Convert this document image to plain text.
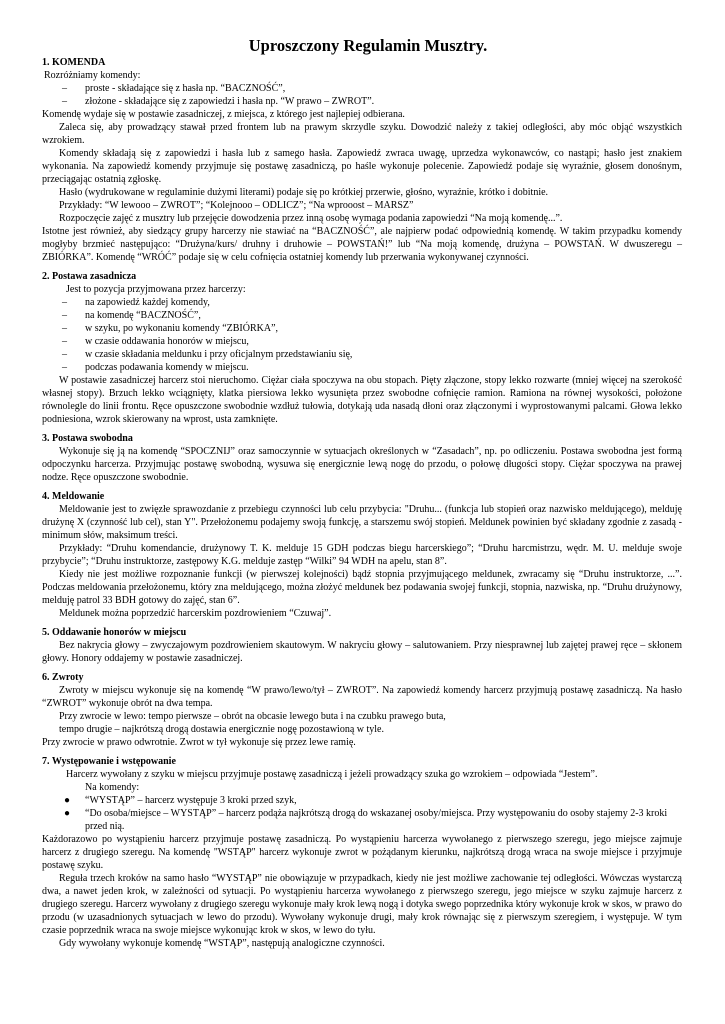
Uproszczony Regulamin Musztry.

1. KOMENDA

Rozróżniamy komendy:

– proste - składające się z hasła np. “BACZNOŚĆ”,
– złożone - składające się z zapowiedzi i hasła np. “W prawo – ZWROT”.

Komendę wydaje się w postawie zasadniczej, z miejsca, z którego jest najlepiej odbierana.

Zaleca się, aby prowadzący stawał przed frontem lub na prawym skrzydle szyku. Dowodzić należy z takiej odległości, aby móc objąć wszystkich wzrokiem.

Komendy składają się z zapowiedzi i hasła lub z samego hasła. Zapowiedź zwraca uwagę, uprzedza wykonawców, co nastąpi; hasło jest znakiem wykonania. Na zapowiedź komendy przyjmuje się postawę zasadniczą, po haśle wykonuje polecenie. Zapowiedź podaje się wyraźnie, głosem donośnym, przeciągając ostatnią zgłoskę.

Hasło (wydrukowane w regulaminie dużymi literami) podaje się po krótkiej przerwie, głośno, wyraźnie, krótko i dobitnie.

Przykłady: “W lewooo – ZWROT”; “Kolejnooo – ODLICZ”; “Na wprooost – MARSZ”

Rozpoczęcie zajęć z musztry lub przejęcie dowodzenia przez inną osobę wymaga podania zapowiedzi “Na moją komendę...”.

Istotne jest również, aby siedzący grupy harcerzy nie stawiać na “BACZNOŚĆ”, ale najpierw podać odpowiednią komendę. W takim przypadku komendy mogłyby brzmieć następująco: “Drużyna/kurs/ druhny i druhowie – POWSTAŃ!” lub “Na moją komendę, drużyna – POWSTAŃ. W dwuszeregu – ZBIÓRKA”. Komendę “WRÓĆ” podaje się w celu cofnięcia ostatniej komendy lub przerwania wykonywanej czynności.

2. Postawa zasadnicza

Jest to pozycja przyjmowana przez harcerzy:

– na zapowiedź każdej komendy,
– na komendę “BACZNOŚĆ”,
– w szyku, po wykonaniu komendy “ZBIÓRKA”,
– w czasie oddawania honorów w miejscu,
– w czasie składania meldunku i przy oficjalnym przedstawianiu się,
– podczas podawania komendy w miejscu.

W postawie zasadniczej harcerz stoi nieruchomo. Ciężar ciała spoczywa na obu stopach. Pięty złączone, stopy lekko rozwarte (mniej więcej na szerokość własnej stopy). Brzuch lekko wciągnięty, klatka piersiowa lekko wysunięta przez swobodne cofnięcie ramion. Ramiona na równej wysokości, położone równolegle do linii frontu. Ręce opuszczone swobodnie wzdłuż tułowia, dotykają uda nasadą dłoni oraz złączonymi i wyprostowanymi palcami. Głowa lekko podniesiona, wzrok skierowany na wprost, usta zamknięte.

3. Postawa swobodna

Wykonuje się ją na komendę “SPOCZNIJ” oraz samoczynnie w sytuacjach określonych w “Zasadach”, np. po odliczeniu. Postawa swobodna jest formą odpoczynku harcerza. Przyjmując postawę swobodną, wysuwa się energicznie lewą nogę do przodu, o połowę długości stopy. Ciężar spoczywa na prawej nodze. Ręce opuszczone swobodnie.

4. Meldowanie

Meldowanie jest to zwięzłe sprawozdanie z przebiegu czynności lub celu przybycia: "Druhu... (funkcja lub stopień oraz nazwisko meldującego), melduję drużynę X (czynność lub cel), stan Y". Przełożonemu podajemy swoją funkcję, a starszemu swój stopień. Meldunek powinien być składany zgodnie z zasadą - minimum słów, maksimum treści.

Przykłady: “Druhu komendancie, drużynowy T. K. melduje 15 GDH podczas biegu harcerskiego”; “Druhu harcmistrzu, wędr. M. U. melduje swoje przybycie”; “Druhu instruktorze, zastępowy K.G. melduje zastęp “Wilki” 94 WDH na apelu, stan 8”.

Kiedy nie jest możliwe rozpoznanie funkcji (w pierwszej kolejności) bądź stopnia przyjmującego meldunek, zwracamy się “Druhu instruktorze, ...”. Podczas meldowania przełożonemu, który zna meldującego, można złożyć meldunek bez podawania swojej funkcji, stopnia, nazwiska, np. “Druhu drużynowy, melduję patrol 33 BDH gotowy do zajęć, stan 6”.

Meldunek można poprzedzić harcerskim pozdrowieniem “Czuwaj”.

5. Oddawanie honorów w miejscu

Bez nakrycia głowy – zwyczajowym pozdrowieniem skautowym. W nakryciu głowy – salutowaniem. Przy niesprawnej lub zajętej prawej ręce – skłonem głowy. Honory oddajemy w postawie zasadniczej.

6. Zwroty

Zwroty w miejscu wykonuje się na komendę “W prawo/lewo/tył – ZWROT”. Na zapowiedź komendy harcerz przyjmują postawę zasadniczą. Na hasło “ZWROT” wykonuje obrót na dwa tempa.

Przy zwrocie w lewo: tempo pierwsze – obrót na obcasie lewego buta i na czubku prawego buta,

tempo drugie – najkrótszą drogą dostawia energicznie nogę pozostawioną w tyle.

Przy zwrocie w prawo odwrotnie. Zwrot w tył wykonuje się przez lewe ramię.

7. Występowanie i wstępowanie

Harcerz wywołany z szyku w miejscu przyjmuje postawę zasadniczą i jeżeli prowadzący szuka go wzrokiem – odpowiada “Jestem”.

Na komendy:

● “WYSTĄP” – harcerz występuje 3 kroki przed szyk,
● “Do osoba/miejsce – WYSTĄP” – harcerz podąża najkrótszą drogą do wskazanej osoby/miejsca. Przy występowaniu do osoby stajemy 2-3 kroki przed nią.

Każdorazowo po wystąpieniu harcerz przyjmuje postawę zasadniczą. Po wystąpieniu harcerza wywołanego z pierwszego szeregu, jego miejsce zajmuje harcerz z drugiego szeregu. Na komendę "WSTĄP" harcerz wykonuje zwrot w pożądanym kierunku, najkrótszą drogą wraca na swoje miejsce i przyjmuje postawę szyku.

Reguła trzech kroków na samo hasło “WYSTĄP” nie obowiązuje w przypadkach, kiedy nie jest możliwe zachowanie tej odległości. Wówczas wystarczą dwa, a nawet jeden krok, w zależności od sytuacji. Po wystąpieniu harcerza wywołanego z pierwszego szeregu, jego miejsce w szyku zajmuje harcerz z drugiego szeregu. Harcerz wywołany z drugiego szeregu wykonuje mały krok lewą nogą i dotyka swego poprzednika który wykonuje krok w skos, w prawo do przodu (w uzasadnionych sytuacjach w lewo do przodu). Wywołany wykonuje drugi, mały krok równając się z pierwszym szeregiem, i występuje. W tym czasie poprzednik wraca na swoje miejsce wykonując krok w skos, w lewo do tyłu.

Gdy wywołany wykonuje komendę “WSTĄP”, następują analogiczne czynności.
